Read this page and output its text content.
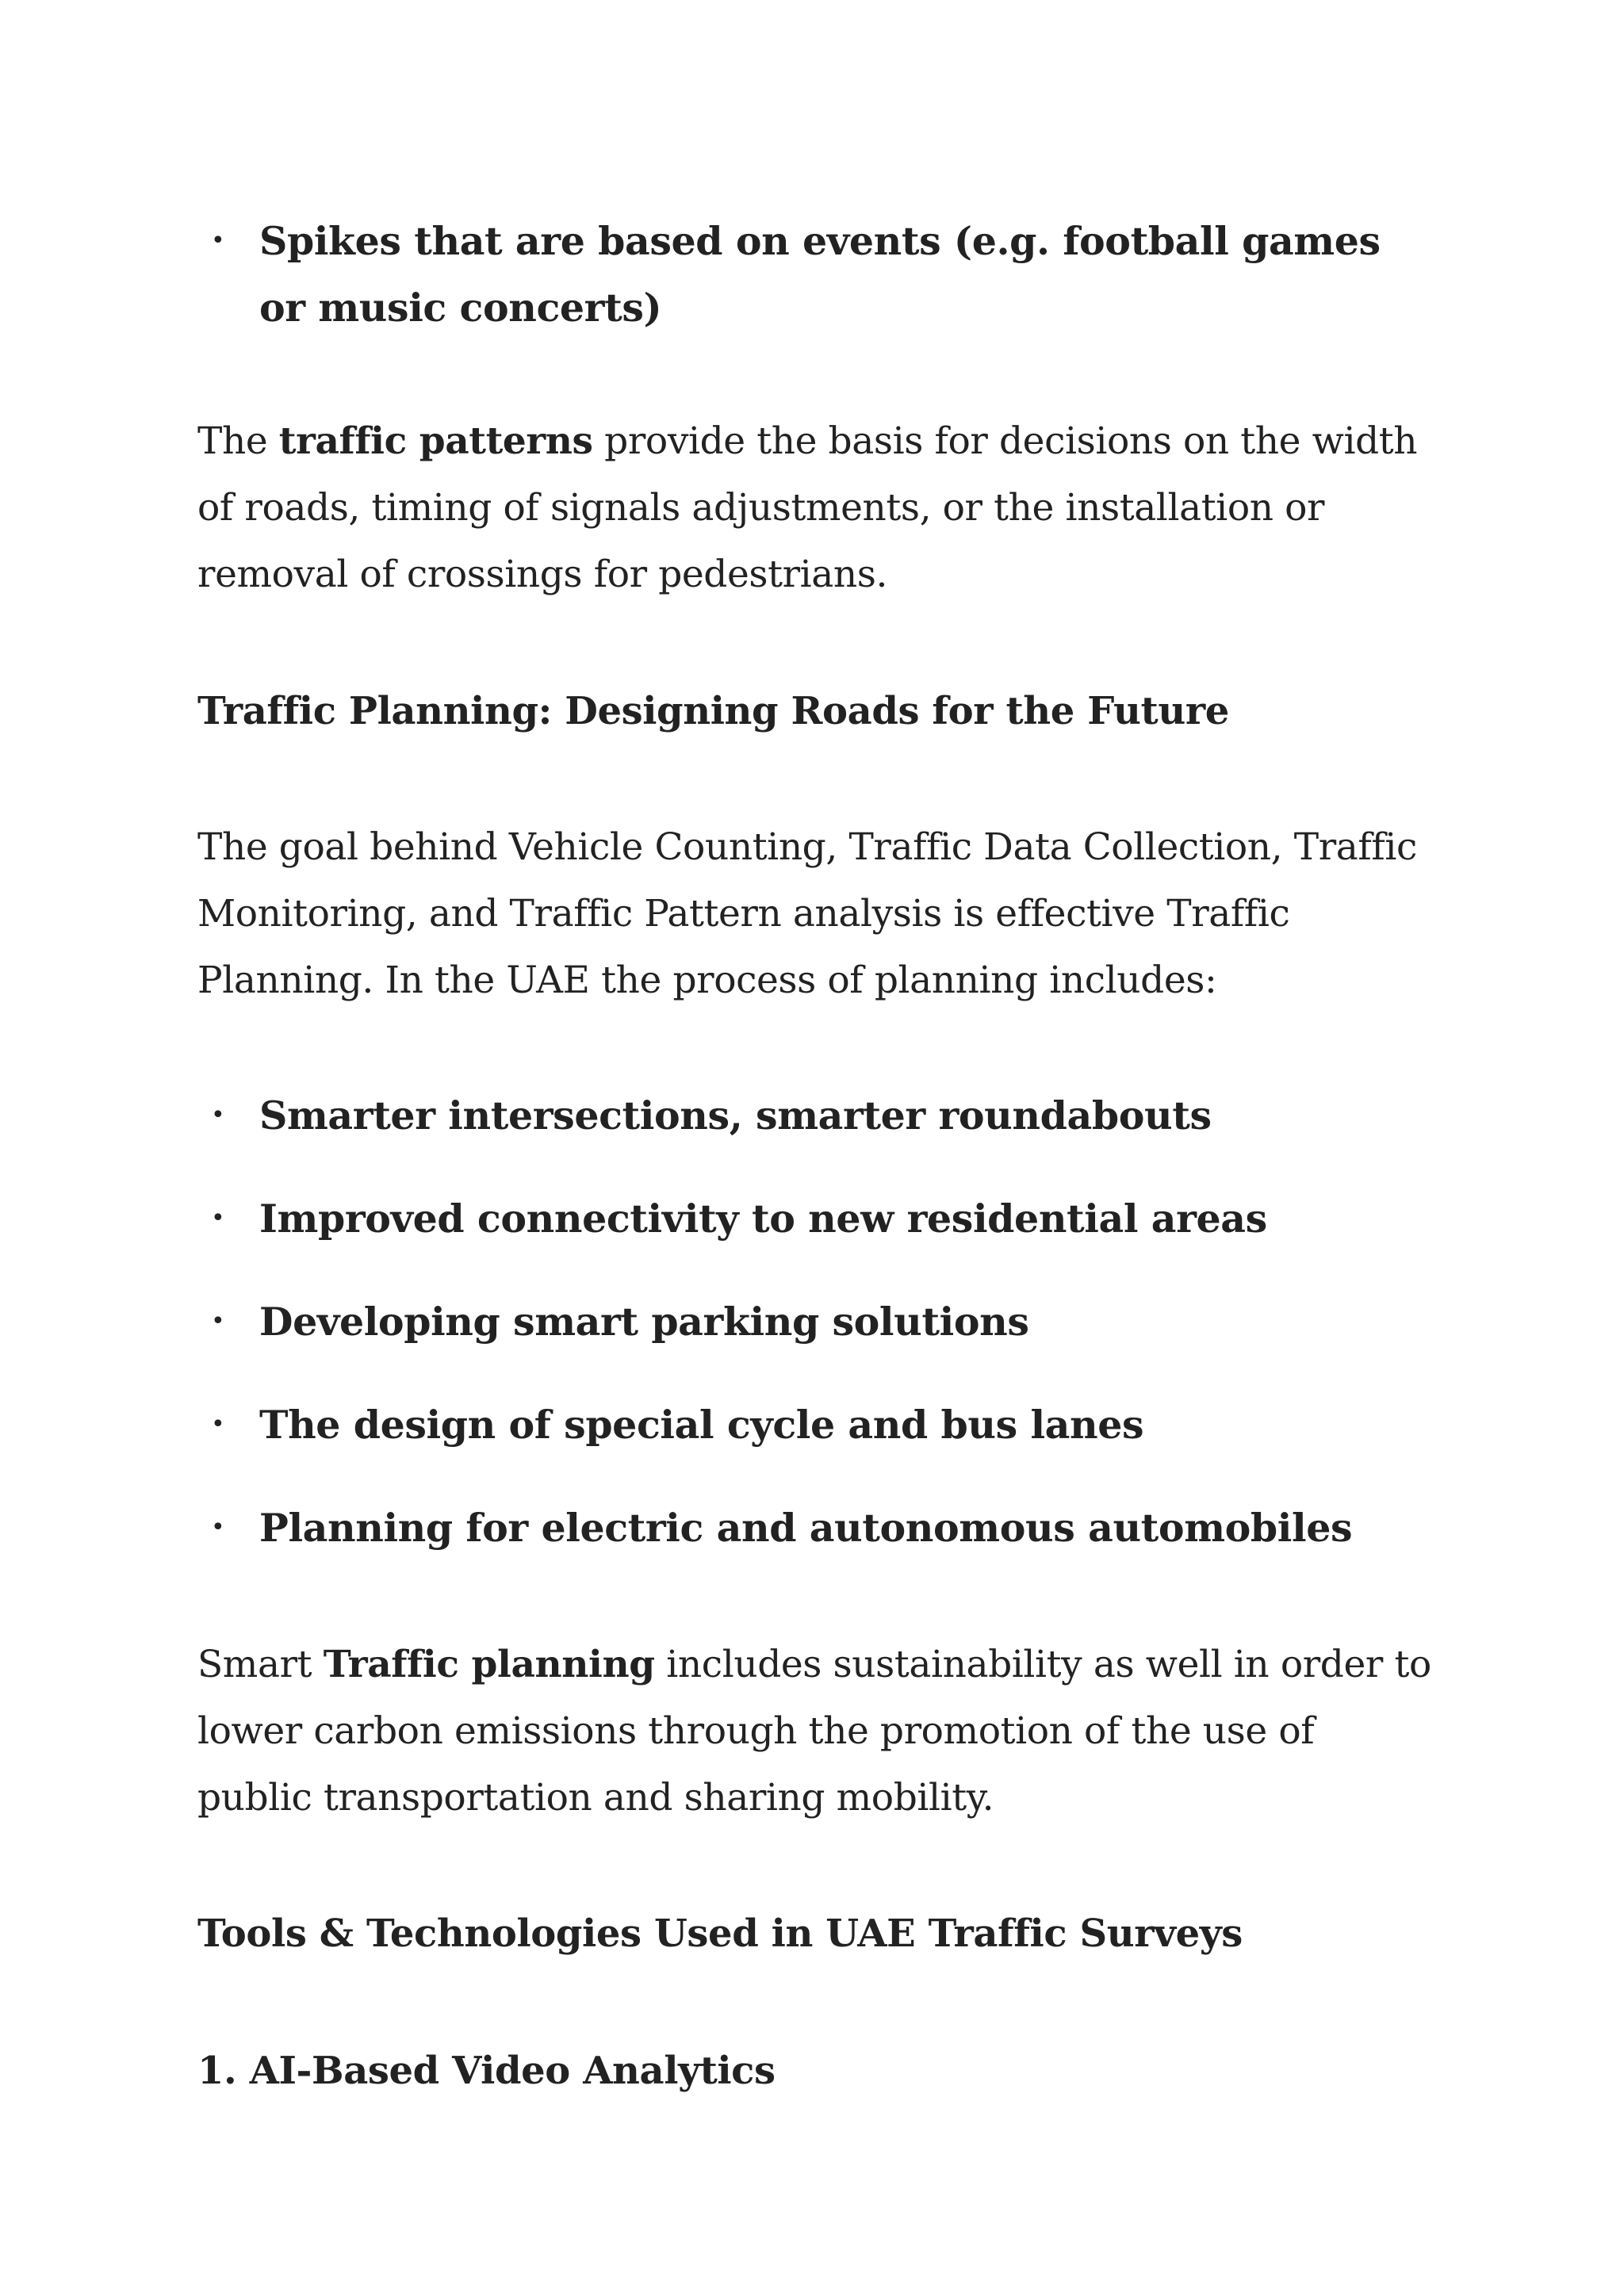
• Spikes that are based on events (e.g. football games or music concerts)

The traffic patterns provide the basis for decisions on the width of roads, timing of signals adjustments, or the installation or removal of crossings for pedestrians.

Traffic Planning: Designing Roads for the Future

The goal behind Vehicle Counting, Traffic Data Collection, Traffic Monitoring, and Traffic Pattern analysis is effective Traffic Planning. In the UAE the process of planning includes:

• Smarter intersections, smarter roundabouts
• Improved connectivity to new residential areas
• Developing smart parking solutions
• The design of special cycle and bus lanes
• Planning for electric and autonomous automobiles

Smart Traffic planning includes sustainability as well in order to lower carbon emissions through the promotion of the use of public transportation and sharing mobility.

Tools & Technologies Used in UAE Traffic Surveys
1. AI-Based Video Analytics
